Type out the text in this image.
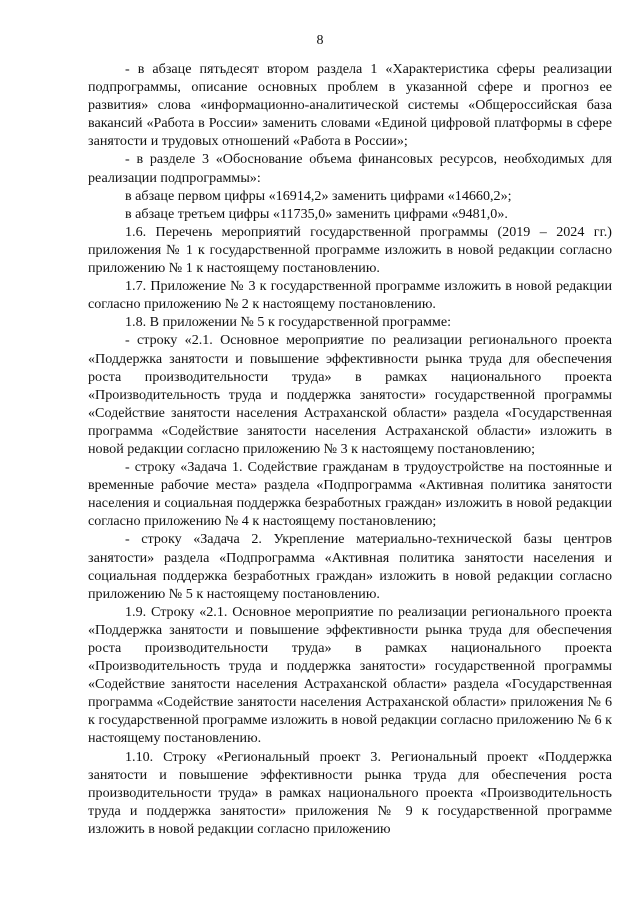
8

- в абзаце пятьдесят втором раздела 1 «Характеристика сферы реализации подпрограммы, описание основных проблем в указанной сфере и прогноз ее развития» слова «информационно-аналитической системы «Общероссийская база вакансий «Работа в России» заменить словами «Единой цифровой платформы в сфере занятости и трудовых отношений «Работа в России»;

- в разделе 3 «Обоснование объема финансовых ресурсов, необходимых для реализации подпрограммы»:

в абзаце первом цифры «16914,2» заменить цифрами «14660,2»;

в абзаце третьем цифры «11735,0» заменить цифрами «9481,0».

1.6. Перечень мероприятий государственной программы (2019 – 2024 гг.) приложения № 1 к государственной программе изложить в новой редакции согласно приложению № 1 к настоящему постановлению.

1.7. Приложение № 3 к государственной программе изложить в новой редакции согласно приложению № 2 к настоящему постановлению.

1.8. В приложении № 5 к государственной программе:

- строку «2.1. Основное мероприятие по реализации регионального проекта «Поддержка занятости и повышение эффективности рынка труда для обеспечения роста производительности труда» в рамках национального проекта «Производительность труда и поддержка занятости» государственной программы «Содействие занятости населения Астраханской области» раздела «Государственная программа «Содействие занятости населения Астраханской области» изложить в новой редакции согласно приложению № 3 к настоящему постановлению;

- строку «Задача 1. Содействие гражданам в трудоустройстве на постоянные и временные рабочие места» раздела «Подпрограмма «Активная политика занятости населения и социальная поддержка безработных граждан» изложить в новой редакции согласно приложению № 4 к настоящему постановлению;

- строку «Задача 2. Укрепление материально-технической базы центров занятости» раздела «Подпрограмма «Активная политика занятости населения и социальная поддержка безработных граждан» изложить в новой редакции согласно приложению № 5 к настоящему постановлению.

1.9. Строку «2.1. Основное мероприятие по реализации регионального проекта «Поддержка занятости и повышение эффективности рынка труда для обеспечения роста производительности труда» в рамках национального проекта «Производительность труда и поддержка занятости» государственной программы «Содействие занятости населения Астраханской области» раздела «Государственная программа «Содействие занятости населения Астраханской области» приложения № 6 к государственной программе изложить в новой редакции согласно приложению № 6 к настоящему постановлению.

1.10. Строку «Региональный проект 3. Региональный проект «Поддержка занятости и повышение эффективности рынка труда для обеспечения роста производительности труда» в рамках национального проекта «Производительность труда и поддержка занятости» приложения № 9 к государственной программе изложить в новой редакции согласно приложению
